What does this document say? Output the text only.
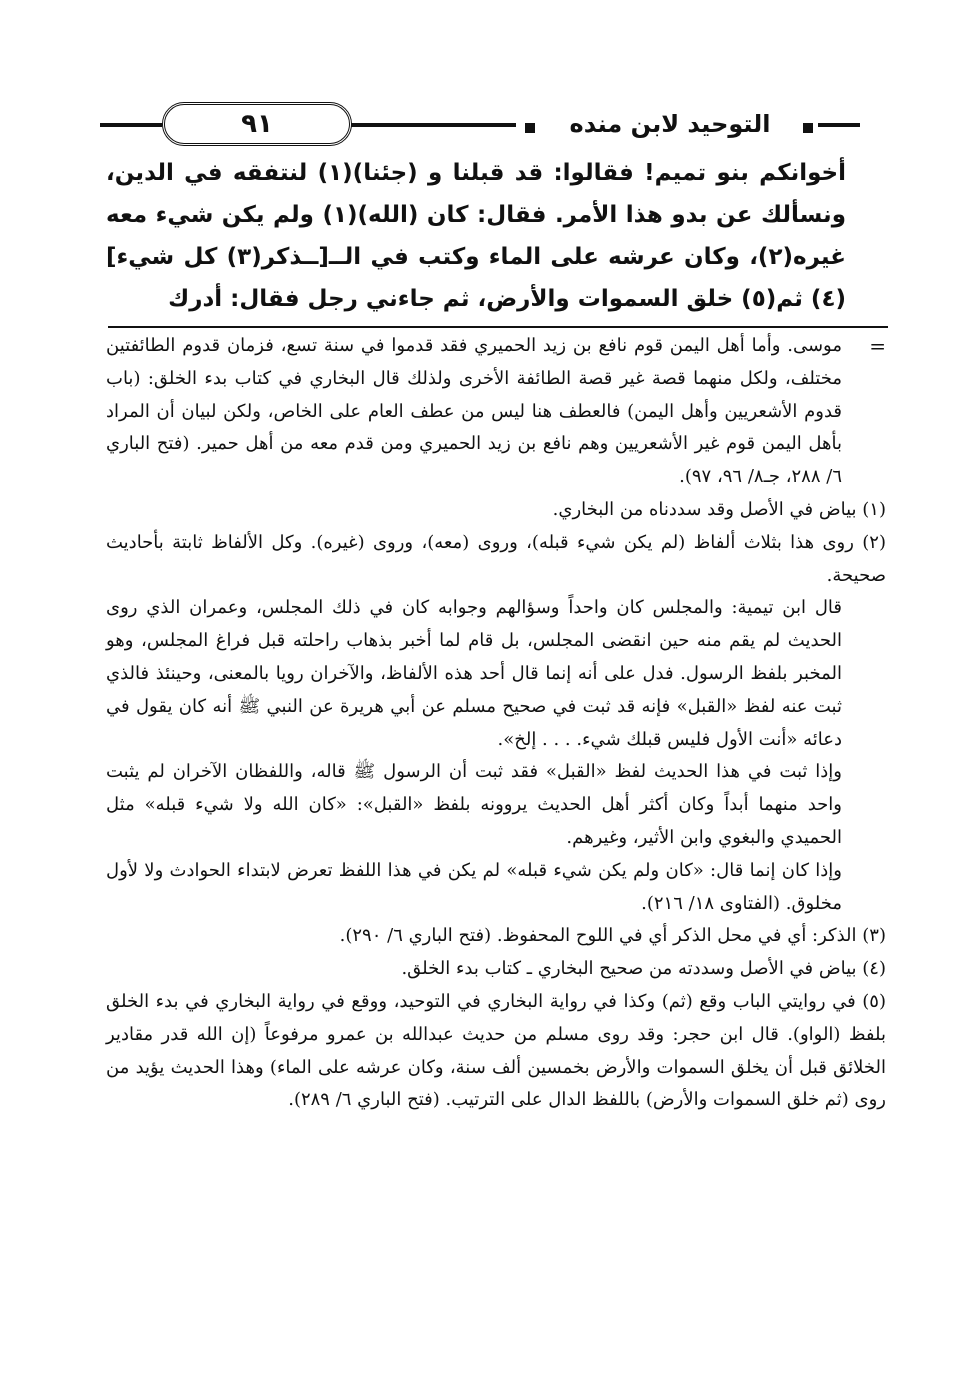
التوحيد لابن منده
٩١

أخوانكم بنو تميم! فقالوا: قد قبلنا و (جئنا)(١) لنتفقه في الدين، ونسألك عن بدو هذا الأمر. فقال: كان (الله)(١) ولم يكن شيء معه غيره(٢)، وكان عرشه على الماء وكتب في الــ[ــذكر(٣) كل شيء](٤) ثم(٥) خلق السموات والأرض، ثم جاءني رجل فقال: أدرك

=
موسى. وأما أهل اليمن قوم نافع بن زيد الحميري فقد قدموا في سنة تسع، فزمان قدوم الطائفتين مختلف، ولكل منهما قصة غير قصة الطائفة الأخرى ولذلك قال البخاري في كتاب بدء الخلق: (باب قدوم الأشعريين وأهل اليمن) فالعطف هنا ليس من عطف العام على الخاص، ولكن لبيان أن المراد بأهل اليمن قوم غير الأشعريين وهم نافع بن زيد الحميري ومن قدم معه من أهل حمير. (فتح الباري ٦/ ٢٨٨، جـ٨/ ٩٦، ٩٧).

(١) بياض في الأصل وقد سددناه من البخاري.

(٢) روى هذا بثلاث ألفاظ (لم يكن شيء قبله)، وروى (معه)، وروى (غيره). وكل الألفاظ ثابتة بأحاديث صحيحة.

قال ابن تيمية: والمجلس كان واحداً وسؤالهم وجوابه كان في ذلك المجلس، وعمران الذي روى الحديث لم يقم منه حين انقضى المجلس، بل قام لما أخبر بذهاب راحلته قبل فراغ المجلس، وهو المخبر بلفظ الرسول. فدل على أنه إنما قال أحد هذه الألفاظ، والآخران رويا بالمعنى، وحينئذ فالذي ثبت عنه لفظ «القبل» فإنه قد ثبت في صحيح مسلم عن أبي هريرة عن النبي ﷺ أنه كان يقول في دعائه «أنت الأول فليس قبلك شيء. . . . إلخ».

وإذا ثبت في هذا الحديث لفظ «القبل» فقد ثبت أن الرسول ﷺ قاله، واللفظان الآخران لم يثبت واحد منهما أبداً وكان أكثر أهل الحديث يروونه بلفظ «القبل»: «كان الله ولا شيء قبله» مثل الحميدي والبغوي وابن الأثير، وغيرهم.

وإذا كان إنما قال: «كان ولم يكن شيء قبله» لم يكن في هذا اللفظ تعرض لابتداء الحوادث ولا لأول مخلوق. (الفتاوى ١٨/ ٢١٦).

(٣) الذكر: أي في محل الذكر أي في اللوح المحفوظ. (فتح الباري ٦/ ٢٩٠).

(٤) بياض في الأصل وسددته من صحيح البخاري ـ كتاب بدء الخلق.

(٥) في روايتي الباب وقع (ثم) وكذا في رواية البخاري في التوحيد، ووقع في رواية البخاري في بدء الخلق بلفظ (الواو). قال ابن حجر: وقد روى مسلم من حديث عبدالله بن عمرو مرفوعاً (إن الله قدر مقادير الخلائق قبل أن يخلق السموات والأرض بخمسين ألف سنة، وكان عرشه على الماء) وهذا الحديث يؤيد من روى (ثم خلق السموات والأرض) باللفظ الدال على الترتيب. (فتح الباري ٦/ ٢٨٩).
